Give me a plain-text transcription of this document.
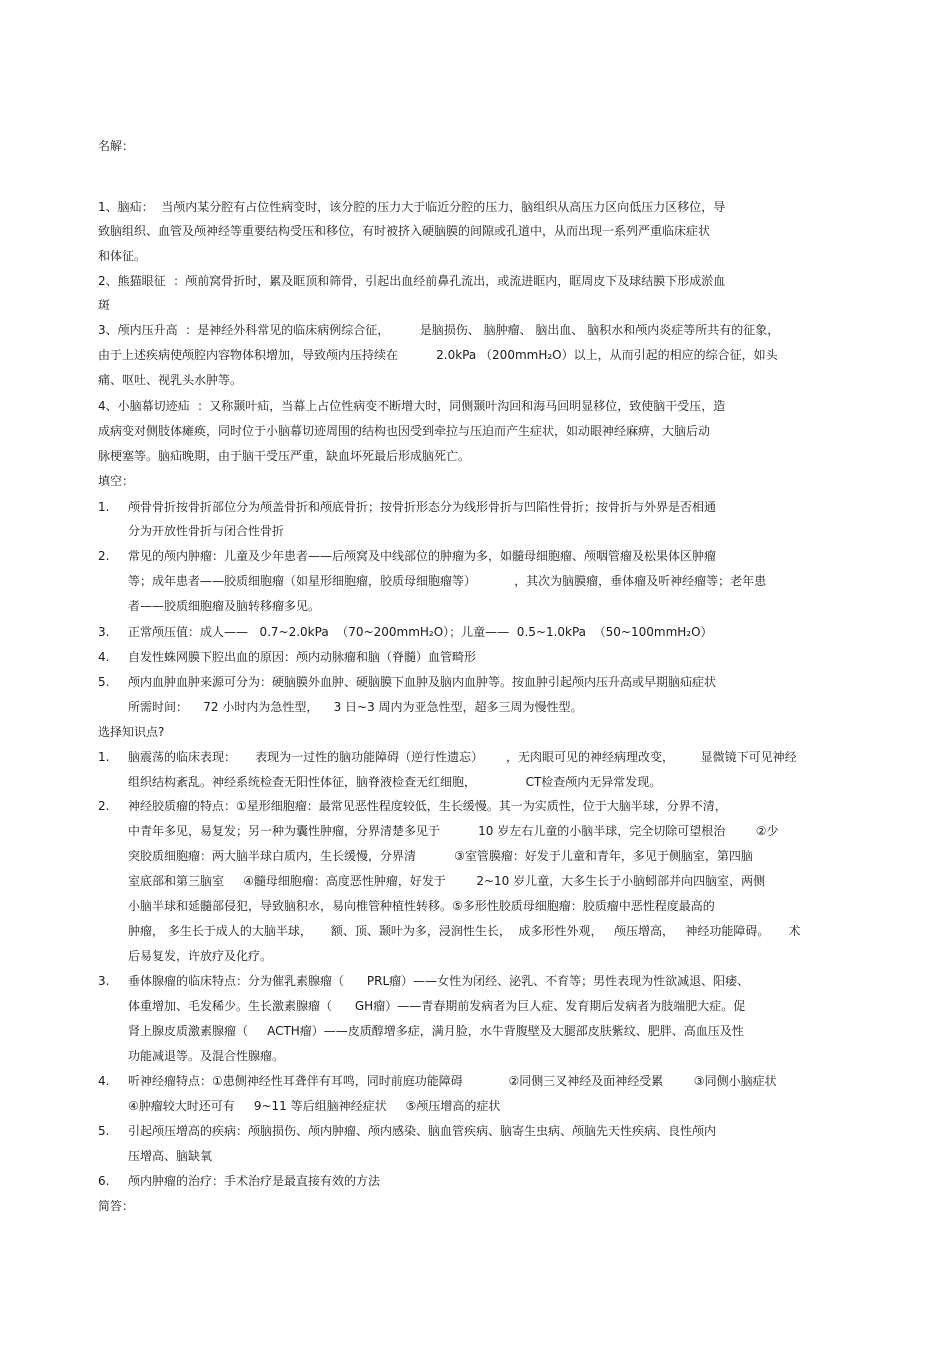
名解：

1、脑疝：  当颅内某分腔有占位性病变时，该分腔的压力大于临近分腔的压力，脑组织从高压力区向低压力区移位，导

致脑组织、血管及颅神经等重要结构受压和移位，有时被挤入硬脑膜的间隙或孔道中，从而出现一系列严重临床症状

和体征。

2、熊猫眼征  ：颅前窝骨折时，累及眶顶和筛骨，引起出血经前鼻孔流出，或流进眶内，眶周皮下及球结膜下形成淤血

斑

3、颅内压升高  ：是神经外科常见的临床病例综合征，        是脑损伤、 脑肿瘤、 脑出血、 脑积水和颅内炎症等所共有的征象，

由于上述疾病使颅腔内容物体积增加，导致颅内压持续在          2.0kPa （200mmH₂O）以上，从而引起的相应的综合征，如头

痛、呕吐、视乳头水肿等。

4、小脑幕切迹疝  ：又称颞叶疝，当幕上占位性病变不断增大时，同侧颞叶沟回和海马回明显移位，致使脑干受压，造

成病变对侧肢体瘫痪，同时位于小脑幕切迹周围的结构也因受到牵拉与压迫而产生症状，如动眼神经麻痹，大脑后动

脉梗塞等。脑疝晚期，由于脑干受压严重，缺血坏死最后形成脑死亡。

填空：

1. 颅骨骨折按骨折部位分为颅盖骨折和颅底骨折；按骨折形态分为线形骨折与凹陷性骨折；按骨折与外界是否相通

分为开放性骨折与闭合性骨折

2. 常见的颅内肿瘤：儿童及少年患者——后颅窝及中线部位的肿瘤为多，如髓母细胞瘤、颅咽管瘤及松果体区肿瘤

等；成年患者——胶质细胞瘤（如星形细胞瘤，胶质母细胞瘤等）          ，其次为脑膜瘤，垂体瘤及听神经瘤等；老年患

者——胶质细胞瘤及脑转移瘤多见。

3. 正常颅压值：成人——   0.7~2.0kPa  （70~200mmH₂O）；儿童——  0.5~1.0kPa  （50~100mmH₂O）

4. 自发性蛛网膜下腔出血的原因：颅内动脉瘤和脑（脊髓）血管畸形

5. 颅内血肿血肿来源可分为：硬脑膜外血肿、硬脑膜下血肿及脑内血肿等。按血肿引起颅内压升高或早期脑疝症状

所需时间：    72 小时内为急性型，    3 日~3 周内为亚急性型，超多三周为慢性型。

选择知识点?

1. 脑震荡的临床表现：     表现为一过性的脑功能障碍（逆行性遗忘）      ，无肉眼可见的神经病理改变，       显微镜下可见神经

组织结构紊乱。神经系统检查无阳性体征，脑脊液检查无红细胞，             CT检查颅内无异常发现。

2. 神经胶质瘤的特点：①星形细胞瘤：最常见恶性程度较低，生长缓慢。其一为实质性，位于大脑半球，分界不清，

中青年多见，易复发；另一种为囊性肿瘤，分界清楚多见于          10 岁左右儿童的小脑半球，完全切除可望根治        ②少

突胶质细胞瘤：两大脑半球白质内，生长缓慢，分界清          ③室管膜瘤：好发于儿童和青年，多见于侧脑室，第四脑

室底部和第三脑室     ④髓母细胞瘤：高度恶性肿瘤，好发于        2~10 岁儿童，大多生长于小脑蚓部并向四脑室，两侧

小脑半球和延髓部侵犯，导致脑积水，易向椎管种植性转移。⑤多形性胶质母细胞瘤：胶质瘤中恶性程度最高的

肿瘤， 多生长于成人的大脑半球，     额、顶、颞叶为多，浸润性生长，  成多形性外观，   颅压增高，   神经功能障碍。     术

后易复发，许放疗及化疗。

3. 垂体腺瘤的临床特点：分为催乳素腺瘤（      PRL瘤）——女性为闭经、泌乳、不育等；男性表现为性欲减退、阳痿、

体重增加、毛发稀少。生长激素腺瘤（      GH瘤）——青春期前发病者为巨人症、发育期后发病者为肢端肥大症。促

肾上腺皮质激素腺瘤（     ACTH瘤）——皮质醇增多症，满月脸，水牛背腹壁及大腿部皮肤紫纹、肥胖、高血压及性

功能减退等。及混合性腺瘤。

4. 听神经瘤特点：①患侧神经性耳聋伴有耳鸣，同时前庭功能障碍            ②同侧三叉神经及面神经受累        ③同侧小脑症状

④肿瘤较大时还可有     9~11 等后组脑神经症状     ⑤颅压增高的症状

5. 引起颅压增高的疾病：颅脑损伤、颅内肿瘤、颅内感染、脑血管疾病、脑寄生虫病、颅脑先天性疾病、良性颅内

压增高、脑缺氧

6. 颅内肿瘤的治疗：手术治疗是最直接有效的方法

简答：
